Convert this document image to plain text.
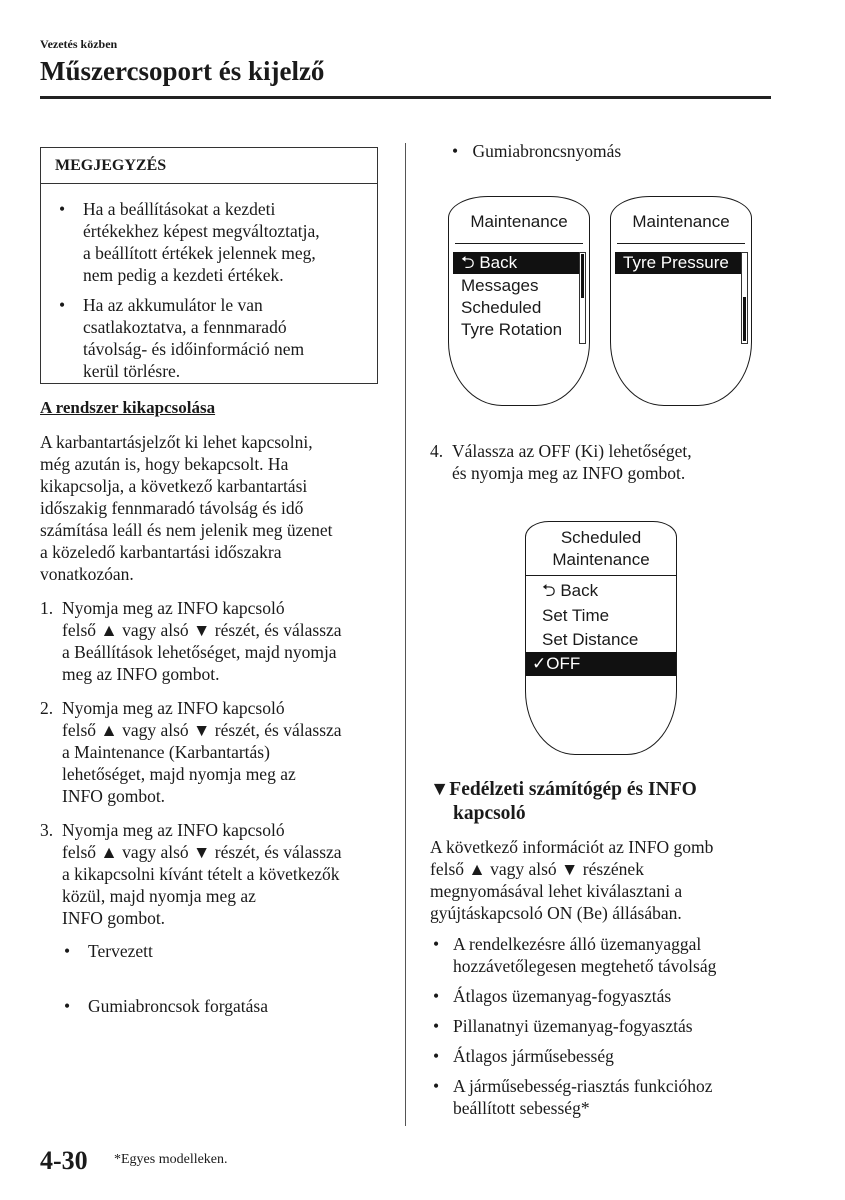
Vezetés közben
Műszercsoport és kijelző
MEGJEGYZÉS
• Ha a beállításokat a kezdeti
értékekhez képest megváltoztatja,
a beállított értékek jelennek meg,
nem pedig a kezdeti értékek.
• Ha az akkumulátor le van
csatlakoztatva, a fennmaradó
távolság- és időinformáció nem
kerül törlésre.
A rendszer kikapcsolása
A karbantartásjelzőt ki lehet kapcsolni,
még azután is, hogy bekapcsolt. Ha
kikapcsolja, a következő karbantartási
időszakig fennmaradó távolság és idő
számítása leáll és nem jelenik meg üzenet
a közeledő karbantartási időszakra
vonatkozóan.
1. Nyomja meg az INFO kapcsoló
felső ▲ vagy alsó ▼ részét, és válassza
a Beállítások lehetőséget, majd nyomja
meg az INFO gombot.
2. Nyomja meg az INFO kapcsoló
felső ▲ vagy alsó ▼ részét, és válassza
a Maintenance (Karbantartás)
lehetőséget, majd nyomja meg az
INFO gombot.
3. Nyomja meg az INFO kapcsoló
felső ▲ vagy alsó ▼ részét, és válassza
a kikapcsolni kívánt tételt a következők
közül, majd nyomja meg az
INFO gombot.
• Tervezett
• Gumiabroncsok forgatása
• Gumiabroncsnyomás
Maintenance
⮌ Back
Messages
Scheduled
Tyre Rotation
Maintenance
Tyre Pressure
4. Válassza az OFF (Ki) lehetőséget,
és nyomja meg az INFO gombot.
Scheduled
Maintenance
⮌ Back
Set Time
Set Distance
✓OFF
▼Fedélzeti számítógép és INFO
kapcsoló
A következő információt az INFO gomb
felső ▲ vagy alsó ▼ részének
megnyomásával lehet kiválasztani a
gyújtáskapcsoló ON (Be) állásában.
• A rendelkezésre álló üzemanyaggal
hozzávetőlegesen megtehető távolság
• Átlagos üzemanyag-fogyasztás
• Pillanatnyi üzemanyag-fogyasztás
• Átlagos járműsebesség
• A járműsebesség-riasztás funkcióhoz
beállított sebesség*
4-30 *Egyes modelleken.
